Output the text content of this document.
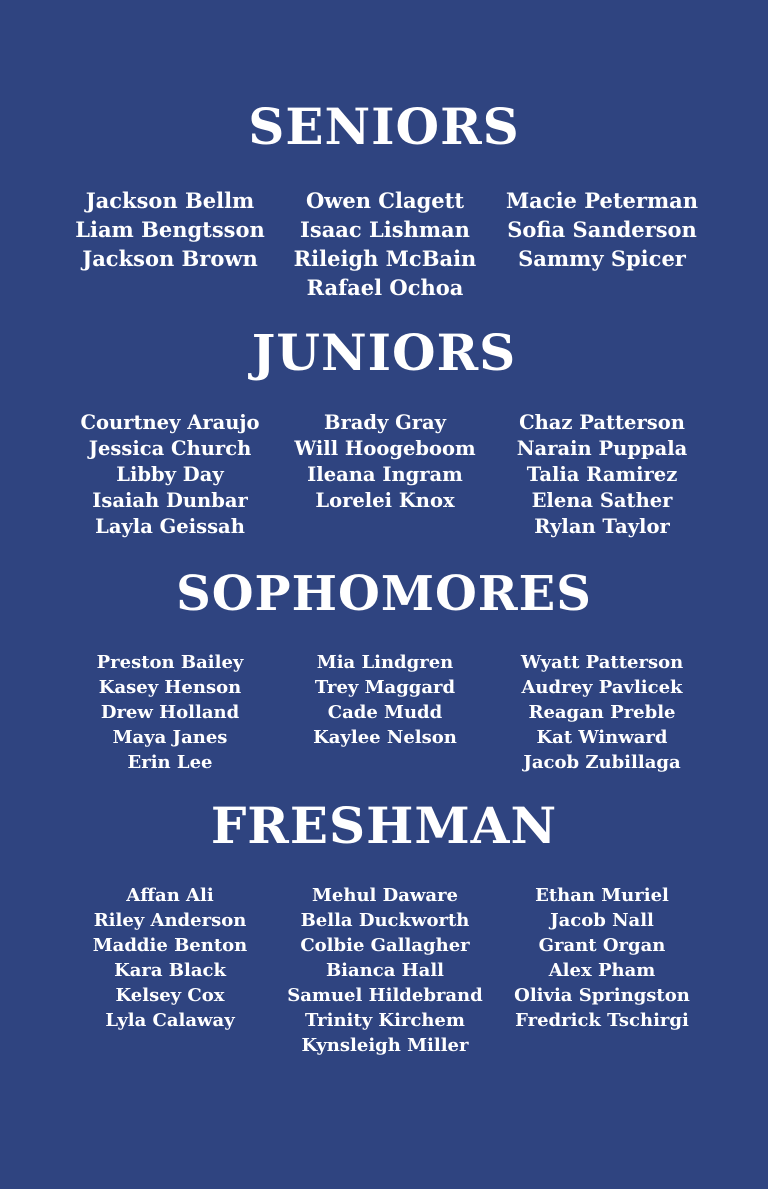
SENIORS
Jackson Bellm
Liam Bengtsson
Jackson Brown
Owen Clagett
Isaac Lishman
Rileigh McBain
Rafael Ochoa
Macie Peterman
Sofia Sanderson
Sammy Spicer
JUNIORS
Courtney Araujo
Jessica Church
Libby Day
Isaiah Dunbar
Layla Geissah
Brady Gray
Will Hoogeboom
Ileana Ingram
Lorelei Knox
Chaz Patterson
Narain Puppala
Talia Ramirez
Elena Sather
Rylan Taylor
SOPHOMORES
Preston Bailey
Kasey Henson
Drew Holland
Maya Janes
Erin Lee
Mia Lindgren
Trey Maggard
Cade Mudd
Kaylee Nelson
Wyatt Patterson
Audrey Pavlicek
Reagan Preble
Kat Winward
Jacob Zubillaga
FRESHMAN
Affan Ali
Riley Anderson
Maddie Benton
Kara Black
Kelsey Cox
Lyla Calaway
Mehul Daware
Bella Duckworth
Colbie Gallagher
Bianca Hall
Samuel Hildebrand
Trinity Kirchem
Kynsleigh Miller
Ethan Muriel
Jacob Nall
Grant Organ
Alex Pham
Olivia Springston
Fredrick Tschirgi
